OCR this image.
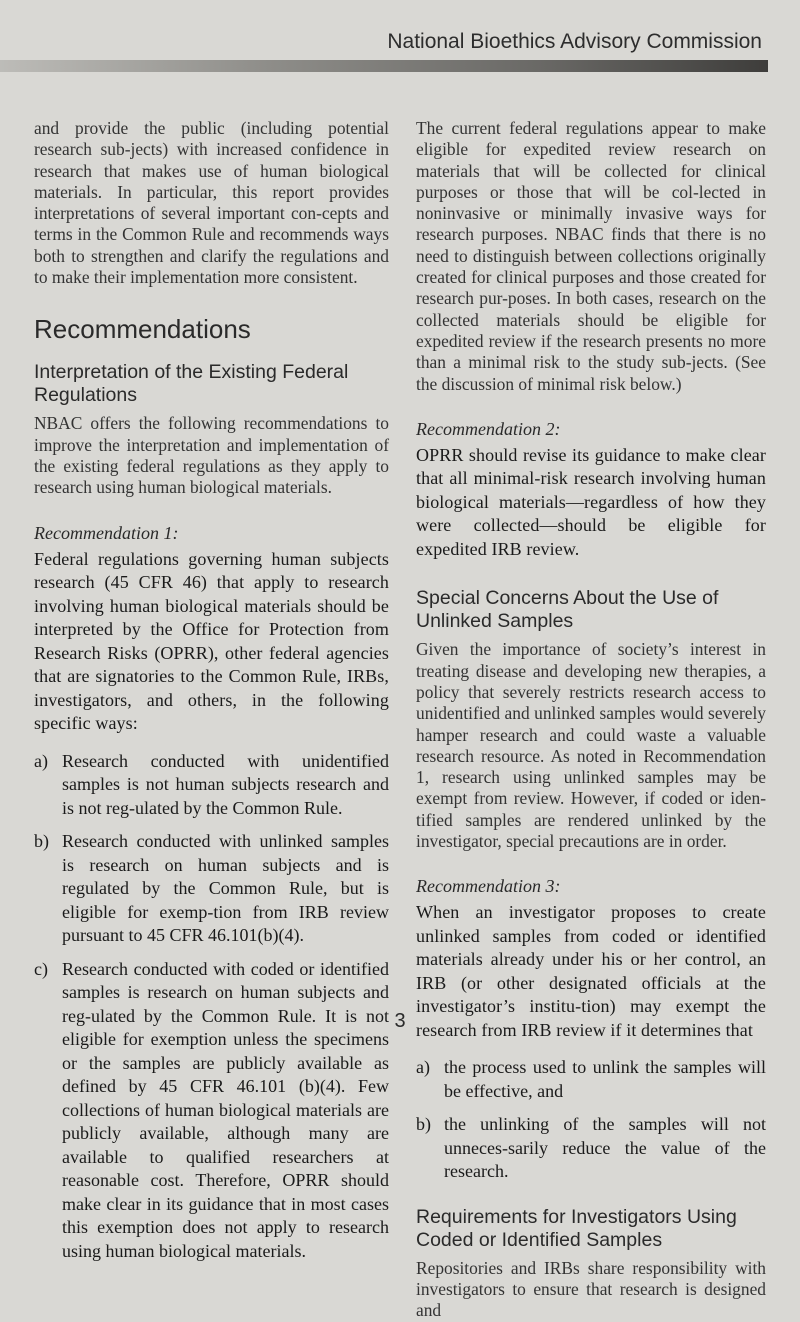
National Bioethics Advisory Commission

and provide the public (including potential research sub-jects) with increased confidence in research that makes use of human biological materials. In particular, this report provides interpretations of several important con-cepts and terms in the Common Rule and recommends ways both to strengthen and clarify the regulations and to make their implementation more consistent.

Recommendations
Interpretation of the Existing Federal Regulations

NBAC offers the following recommendations to improve the interpretation and implementation of the existing federal regulations as they apply to research using human biological materials.

Recommendation 1:
Federal regulations governing human subjects research (45 CFR 46) that apply to research involving human biological materials should be interpreted by the Office for Protection from Research Risks (OPRR), other federal agencies that are signatories to the Common Rule, IRBs, investigators, and others, in the following specific ways:
a) Research conducted with unidentified samples is not human subjects research and is not reg-ulated by the Common Rule.
b) Research conducted with unlinked samples is research on human subjects and is regulated by the Common Rule, but is eligible for exemp-tion from IRB review pursuant to 45 CFR 46.101(b)(4).
c) Research conducted with coded or identified samples is research on human subjects and reg-ulated by the Common Rule. It is not eligible for exemption unless the specimens or the samples are publicly available as defined by 45 CFR 46.101 (b)(4). Few collections of human biological materials are publicly available, although many are available to qualified researchers at reasonable cost. Therefore, OPRR should make clear in its guidance that in most cases this exemption does not apply to research using human biological materials.

The current federal regulations appear to make eligible for expedited review research on materials that will be collected for clinical purposes or those that will be col-lected in noninvasive or minimally invasive ways for research purposes. NBAC finds that there is no need to distinguish between collections originally created for clinical purposes and those created for research pur-poses. In both cases, research on the collected materials should be eligible for expedited review if the research presents no more than a minimal risk to the study sub-jects. (See the discussion of minimal risk below.)

Recommendation 2:
OPRR should revise its guidance to make clear that all minimal-risk research involving human biological materials—regardless of how they were collected—should be eligible for expedited IRB review.
Special Concerns About the Use of Unlinked Samples

Given the importance of society’s interest in treating disease and developing new therapies, a policy that severely restricts research access to unidentified and unlinked samples would severely hamper research and could waste a valuable research resource. As noted in Recommendation 1, research using unlinked samples may be exempt from review. However, if coded or iden-tified samples are rendered unlinked by the investigator, special precautions are in order.

Recommendation 3:
When an investigator proposes to create unlinked samples from coded or identified materials already under his or her control, an IRB (or other designated officials at the investigator’s institu-tion) may exempt the research from IRB review if it determines that
a) the process used to unlink the samples will be effective, and
b) the unlinking of the samples will not unneces-sarily reduce the value of the research.
Requirements for Investigators Using Coded or Identified Samples

Repositories and IRBs share responsibility with investigators to ensure that research is designed and

3
